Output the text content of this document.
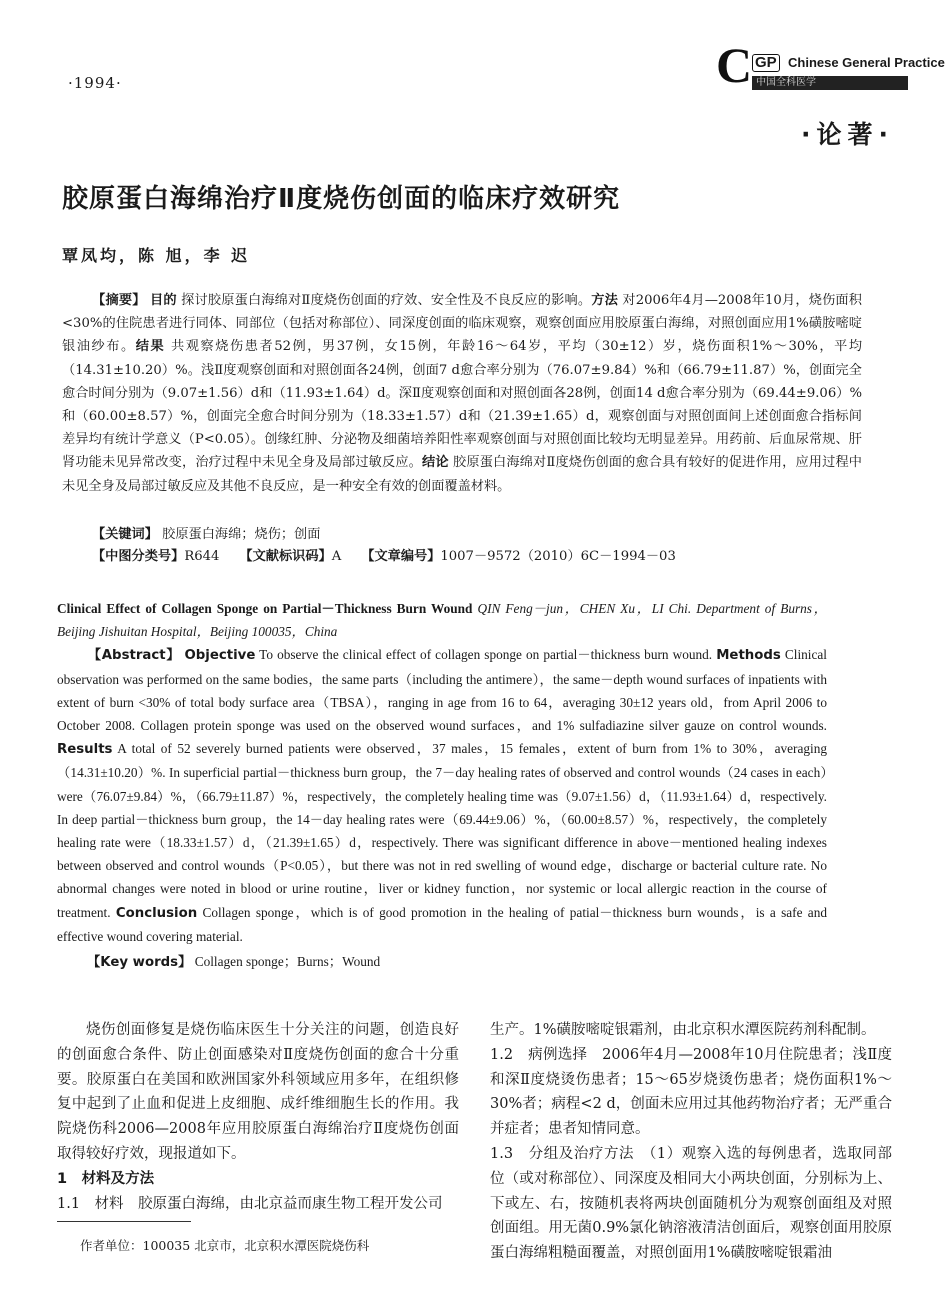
·1994·	C GP Chinese General Practice
中国全科医学
·论著·
胶原蛋白海绵治疗Ⅱ度烧伤创面的临床疗效研究
覃凤均，陈 旭，李 迟
【摘要】 目的 探讨胶原蛋白海绵对Ⅱ度烧伤创面的疗效、安全性及不良反应的影响。方法 对2006年4月—2008年10月，烧伤面积<30%的住院患者进行同体、同部位（包括对称部位）、同深度创面的临床观察，观察创面应用胶原蛋白海绵，对照创面应用1%磺胺嘧啶银油纱布。结果 共观察烧伤患者52例，男37例，女15例，年龄16～64岁，平均（30±12）岁，烧伤面积1%～30%，平均（14.31±10.20）%。浅Ⅱ度观察创面和对照创面各24例，创面7 d愈合率分别为（76.07±9.84）%和（66.79±11.87）%，创面完全愈合时间分别为（9.07±1.56）d和（11.93±1.64）d。深Ⅱ度观察创面和对照创面各28例，创面14 d愈合率分别为（69.44±9.06）%和（60.00±8.57）%，创面完全愈合时间分别为（18.33±1.57）d和（21.39±1.65）d，观察创面与对照创面间上述创面愈合指标间差异均有统计学意义（P<0.05）。创缘红肿、分泌物及细菌培养阳性率观察创面与对照创面比较均无明显差异。用药前、后血尿常规、肝肾功能未见异常改变，治疗过程中未见全身及局部过敏反应。结论 胶原蛋白海绵对Ⅱ度烧伤创面的愈合具有较好的促进作用，应用过程中未见全身及局部过敏反应及其他不良反应，是一种安全有效的创面覆盖材料。
【关键词】 胶原蛋白海绵；烧伤；创面
【中图分类号】R644 【文献标识码】A 【文章编号】1007－9572（2010）6C－1994－03
Clinical Effect of Collagen Sponge on Partial－Thickness Burn Wound QIN Feng－jun，CHEN Xu，LI Chi. Department of Burns，Beijing Jishuitan Hospital，Beijing 100035，China
【Abstract】 Objective To observe the clinical effect of collagen sponge on partial－thickness burn wound. Methods Clinical observation was performed on the same bodies，the same parts（including the antimere），the same－depth wound surfaces of inpatients with extent of burn <30% of total body surface area（TBSA），ranging in age from 16 to 64，averaging 30±12 years old，from April 2006 to October 2008. Collagen protein sponge was used on the observed wound surfaces，and 1% sulfadiazine silver gauze on control wounds. Results A total of 52 severely burned patients were observed，37 males，15 females，extent of burn from 1% to 30%，averaging（14.31±10.20）%. In superficial partial－thickness burn group，the 7－day healing rates of observed and control wounds（24 cases in each）were（76.07±9.84）%，（66.79±11.87）%，respectively，the completely healing time was（9.07±1.56）d，（11.93±1.64）d，respectively. In deep partial－thickness burn group，the 14－day healing rates were（69.44±9.06）%，（60.00±8.57）%，respectively，the completely healing rate were（18.33±1.57）d，（21.39±1.65）d，respectively. There was significant difference in above－mentioned healing indexes between observed and control wounds（P<0.05），but there was not in red swelling of wound edge，discharge or bacterial culture rate. No abnormal changes were noted in blood or urine routine，liver or kidney function，nor systemic or local allergic reaction in the course of treatment. Conclusion Collagen sponge，which is of good promotion in the healing of patial－thickness burn wounds，is a safe and effective wound covering material.
【Key words】 Collagen sponge；Burns；Wound

烧伤创面修复是烧伤临床医生十分关注的问题，创造良好的创面愈合条件、防止创面感染对Ⅱ度烧伤创面的愈合十分重要。胶原蛋白在美国和欧洲国家外科领域应用多年，在组织修复中起到了止血和促进上皮细胞、成纤维细胞生长的作用。我院烧伤科2006—2008年应用胶原蛋白海绵治疗Ⅱ度烧伤创面取得较好疗效，现报道如下。

1　材料及方法

1.1　材料　胶原蛋白海绵，由北京益而康生物工程开发公司

生产。1%磺胺嘧啶银霜剂，由北京积水潭医院药剂科配制。

1.2　病例选择　2006年4月—2008年10月住院患者；浅Ⅱ度和深Ⅱ度烧烫伤患者；15～65岁烧烫伤患者；烧伤面积1%～30%者；病程<2 d，创面未应用过其他药物治疗者；无严重合并症者；患者知情同意。

1.3　分组及治疗方法　（1）观察入选的每例患者，选取同部位（或对称部位）、同深度及相同大小两块创面，分别标为上、下或左、右，按随机表将两块创面随机分为观察创面组及对照创面组。用无菌0.9%氯化钠溶液清洁创面后，观察创面用胶原蛋白海绵粗糙面覆盖，对照创面用1%磺胺嘧啶银霜油

作者单位：100035 北京市，北京积水潭医院烧伤科
